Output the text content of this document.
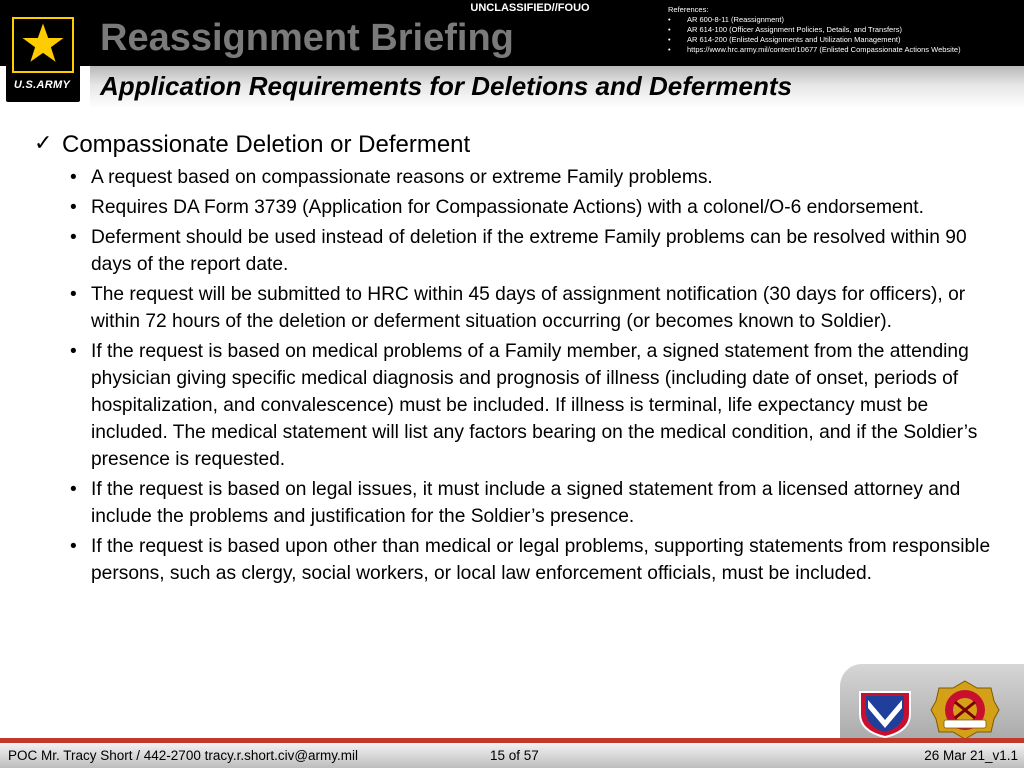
U.S.ARMY
UNCLASSIFIED//FOUO
Reassignment Briefing
References:
• AR 600-8-11 (Reassignment)
• AR 614-100 (Officer Assignment Policies, Details, and Transfers)
• AR 614-200 (Enlisted Assignments and Utilization Management)
• https://www.hrc.army.mil/content/10677 (Enlisted Compassionate Actions Website)
Application Requirements for Deletions and Deferments
✓ Compassionate Deletion or Deferment
• A request based on compassionate reasons or extreme Family problems.
• Requires DA Form 3739 (Application for Compassionate Actions) with a colonel/O-6 endorsement.
• Deferment should be used instead of deletion if the extreme Family problems can be resolved within 90 days of the report date.
• The request will be submitted to HRC within 45 days of assignment notification (30 days for officers), or within 72 hours of the deletion or deferment situation occurring (or becomes known to Soldier).
• If the request is based on medical problems of a Family member, a signed statement from the attending physician giving specific medical diagnosis and prognosis of illness (including date of onset, periods of hospitalization, and convalescence) must be included. If illness is terminal, life expectancy must be included. The medical statement will list any factors bearing on the medical condition, and if the Soldier’s presence is requested.
• If the request is based on legal issues, it must include a signed statement from a licensed attorney and include the problems and justification for the Soldier’s presence.
• If the request is based upon other than medical or legal problems, supporting statements from responsible persons, such as clergy, social workers, or local law enforcement officials, must be included.
POC Mr. Tracy Short / 442-2700 tracy.r.short.civ@army.mil	15 of 57	26 Mar 21_v1.1
